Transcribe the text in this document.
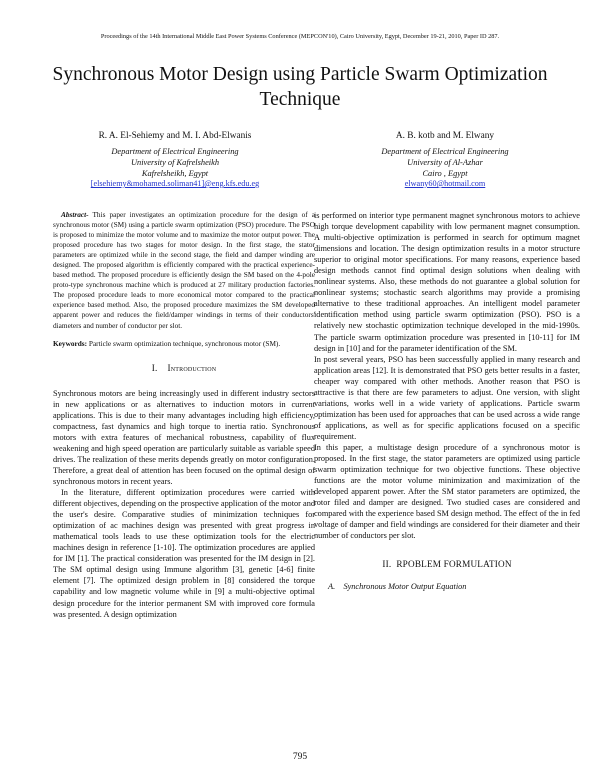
Proceedings of the 14th International Middle East Power Systems Conference (MEPCON'10), Cairo University, Egypt, December 19-21, 2010, Paper ID 287.
Synchronous Motor Design using Particle Swarm Optimization Technique
R. A. El-Sehiemy and M. I. Abd-Elwanis
Department of Electrical Engineering
University of Kafrelsheikh
Kafrelsheikh, Egypt
[elsehiemy&mohamed.soliman41]@eng.kfs.edu.eg
A. B. kotb and M. Elwany
Department of Electrical Engineering
University of Al-Azhar
Cairo , Egypt
elwany60@hotmail.com

Abstract- This paper investigates an optimization procedure for the design of a synchronous motor (SM) using a particle swarm optimization (PSO) procedure. The PSO is proposed to minimize the motor volume and to maximize the motor output power. The proposed procedure has two stages for motor design. In the first stage, the stator parameters are optimized while in the second stage, the field and damper winding are designed. The proposed algorithm is efficiently compared with the practical experience-based method. The proposed procedure is efficiently design the SM based on the 4-pole proto-type synchronous machine which is produced at 27 military production factories. The proposed procedure leads to more economical motor compared to the practical experience based method. Also, the proposed procedure maximizes the SM developed apparent power and reduces the field/damper windings in terms of their conductors' diameters and number of conductor per slot.

Keywords: Particle swarm optimization technique, synchronous motor (SM).
I. Introduction

Synchronous motors are being increasingly used in different industry sectors in new applications or as alternatives to induction motors in current applications. This is due to their many advantages including high efficiency, compactness, fast dynamics and high torque to inertia ratio. Synchronous motors with extra features of mechanical robustness, capability of flux weakening and high speed operation are particularly suitable as variable speed drives. The realization of these merits depends greatly on motor configuration. Therefore, a great deal of attention has been focused on the optimal design of synchronous motors in recent years.

In the literature, different optimization procedures were carried with different objectives, depending on the prospective application of the motor and the user's desire. Comparative studies of minimization techniques for optimization of ac machines design was presented with great progress in mathematical tools leads to use these optimization tools for the electric machines design in reference [1-10]. The optimization procedures are applied for IM [1]. The practical consideration was presented for the IM design in [2]. The SM optimal design using Immune algorithm [3], genetic [4-6] finite element [7]. The optimized design problem in [8] considered the torque capability and low magnetic volume while in [9] a multi-objective optimal design procedure for the interior permanent SM with improved core formula was presented. A design optimization

is performed on interior type permanent magnet synchronous motors to achieve high torque development capability with low permanent magnet consumption. A multi-objective optimization is performed in search for optimum magnet dimensions and location. The design optimization results in a motor structure superior to original motor specifications. For many reasons, experience based design methods cannot find optimal design solutions when dealing with nonlinear systems. Also, these methods do not guarantee a global solution for nonlinear systems; stochastic search algorithms may provide a promising alternative to these traditional approaches. An intelligent model parameter identification method using particle swarm optimization (PSO). PSO is a relatively new stochastic optimization technique developed in the mid-1990s. The particle swarm optimization procedure was presented in [10-11] for IM design in [10] and for the parameter identification of the SM.

In post several years, PSO has been successfully applied in many research and application areas [12]. It is demonstrated that PSO gets better results in a faster, cheaper way compared with other methods. Another reason that PSO is attractive is that there are few parameters to adjust. One version, with slight variations, works well in a wide variety of applications. Particle swarm optimization has been used for approaches that can be used across a wide range of applications, as well as for specific applications focused on a specific requirement.

In this paper, a multistage design procedure of a synchronous motor is proposed. In the first stage, the stator parameters are optimized using particle swarm optimization technique for two objective functions. These objective functions are the motor volume minimization and maximization of the developed apparent power. After the SM stator parameters are optimized, the rotor filed and damper are designed. Two studied cases are considered and compared with the experience based SM design method. The effect of the in fed voltage of damper and field windings are considered for their diameter and their number of conductors per slot.

II. RPOBLEM FORMULATION
A. Synchronous Motor Output Equation
795
